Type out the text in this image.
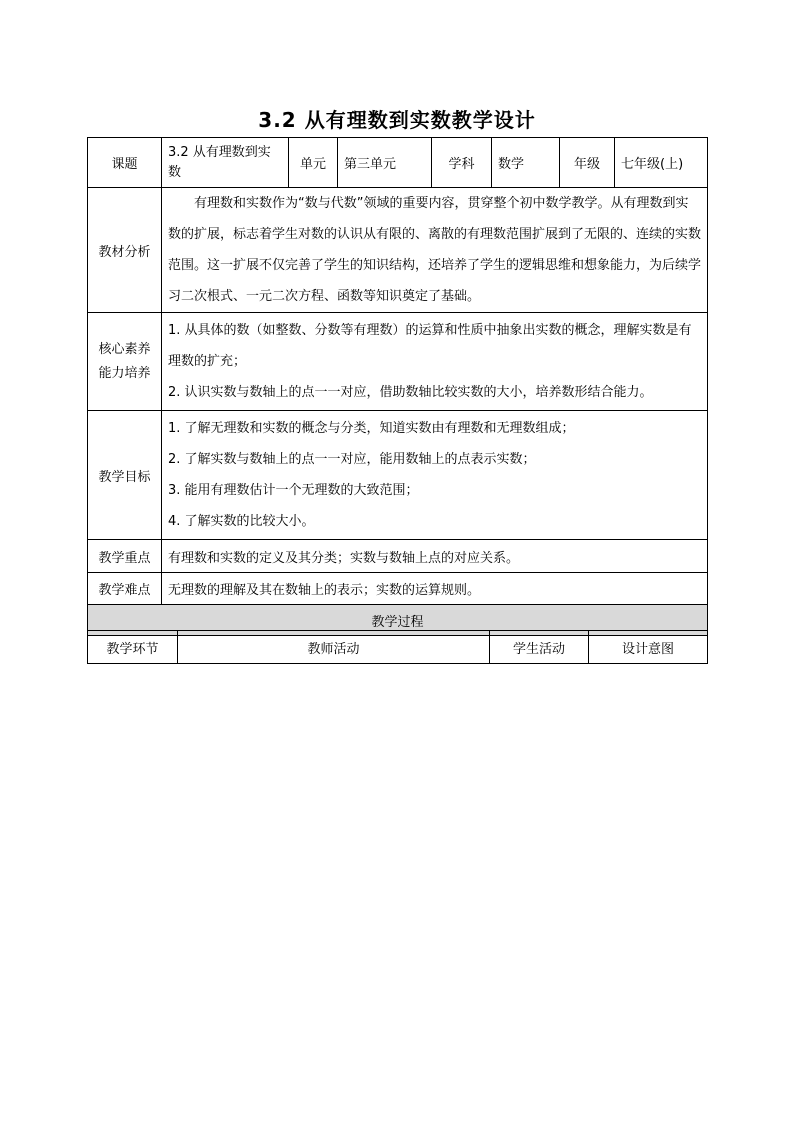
3.2 从有理数到实数教学设计
课题	3.2 从有理数到实数	单元	第三单元	学科	数学	年级	七年级(上)
教材分析	有理数和实数作为“数与代数”领域的重要内容，贯穿整个初中数学教学。从有理数到实数的扩展，标志着学生对数的认识从有限的、离散的有理数范围扩展到了无限的、连续的实数范围。这一扩展不仅完善了学生的知识结构，还培养了学生的逻辑思维和想象能力，为后续学习二次根式、一元二次方程、函数等知识奠定了基础。						
核心素养能力培养	1. 从具体的数（如整数、分数等有理数）的运算和性质中抽象出实数的概念，理解实数是有理数的扩充；
2. 认识实数与数轴上的点一一对应，借助数轴比较实数的大小，培养数形结合能力。						

教学目标	1. 了解无理数和实数的概念与分类，知道实数由有理数和无理数组成；
2. 了解实数与数轴上的点一一对应，能用数轴上的点表示实数；
3. 能用有理数估计一个无理数的大致范围；
4. 了解实数的比较大小。						

教学重点	有理数和实数的定义及其分类；实数与数轴上点的对应关系。						
教学难点	无理数的理解及其在数轴上的表示；实数的运算规则。						
教学过程							
教学环节	教师活动	学生活动	设计意图
